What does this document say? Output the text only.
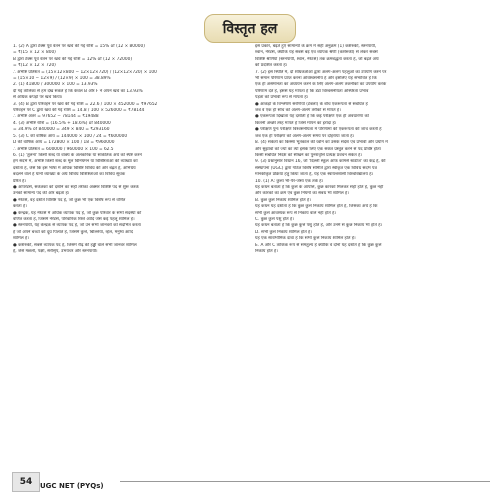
विस्तृत हल
1. (2) A द्वारा टैक्स पूर्व वेतन पर खर्च की गई राशि = 15% of (12 × 80000)
= ₹(15 × 12 × 800)
B द्वारा टैक्स पूर्व वेतन पर खर्च की गई राशि = 12% of (12 × 72000)
= ₹(12 × 12 × 720)
∴ अभीष्ट प्रतिशत = (15×12×800 − 12×12×720) / (12×12×720) × 100
= (15×10 − 12×9) / (12×9) × 100 = 38.89%
2. (1) 41800 / 300000 × 100 = 13.93%
दी गई तालिका से हम देख सकते हैं कि केवल B और F ने अपने खर्च का 13.93%
से अधिक कपड़ों पर खर्च किया।
3. (4) B द्वारा परिवहन पर खर्च की गई राशि = 22.6 / 100 × 452000 = ₹97652
परिवहन पर C द्वारा खर्च की गई राशि = 14.8 / 100 × 526000 = ₹78144
∴ अभीष्ट अंतर = 97652 − 78144 = ₹19488
4. (3) अभीष्ट राशि = (16.5% + 18.6%) of 840000
= 34.9% of 840000 = 349 × 840 = ₹293160
5. (3) C की वार्षिक आय = 144000 × 100 / 24 = ₹600000
D की वार्षिक आय = 172800 × 100 / 18 = ₹960000
∴ अभीष्ट प्रतिशत = 600000 / 960000 × 100 = 62.5
6. (1) 'तुलना' किसी शब्द या वाक्य के अलंकरिक या सांकेतिक अर्थ को स्पष्ट करने
हम संदर्भ में, अभीष्ट किसी शब्द के मूल विनियमन या विशिष्टताओं की व्याख्या को
दर्शाता है, जैसे कि इस भाषा में अधिक विशिष्ट विविध की ओर बढ़ते हैं, अभिधेय
बदलने वाले हैं यानी व्याख्या के अर्थ विविध विशिष्टताओं का विविध सूचक
प्रेरित है।
● ऑपरेटर्स, संकेतकों को दर्शाने का सही तरीका अक्सर विशिष्ट पद से शुरू करके
उनको सामान्य पद की ओर बढ़ता है।
● नैरेटर्स, वह दर्शाते विशिष्ट पद हैं, जो कुछ भी एक विशेष रूप से वर्णित
करता है।
● केन्द्रक, यह नैरेटर्स में अधिक व्यापक पद हैं, जो कुछ परिवार के सभी सदस्यों को
वर्णित करता है, जिसमें नैरेटर्स, परिवारिक रिश्ते आदि जैसे कई पहलू शामिल हैं।
● स्तनपायी, यह केन्द्रक से व्यापक पद है, जो उन सभी जानवरों को संदर्भित करता
है जो अपने बच्चों को दूध पिलाते हैं, जिसमें कुत्ते, बिल्लियाँ, व्हेल, मनुष्य आदि
शामिल हैं।
● कशेरुकी, सबसे व्यापक पद है, जिसमें रीढ़ की हड्डी वाले सभी जानवर शामिल
हैं, जैसे मछली, पक्षी, सरीसृप, उभयचर और स्तनपायी।
इस प्रकार, बढ़ते हुए सामान्यों के क्रम में सही अनुक्रम (1) कशेरुकी, स्तनपायी,
श्वान, नैरेटर्स, क्योंकि यह सबसे बड़े एवं व्यापक श्रेणी (कशेरुकी) से लेकर सबसे
विशिष्ट श्रेणियों (स्तनपायी, श्वान, नैरेटर्स) तक क्रमबद्धता करता है, जो बढ़ते अर्थ
को प्रदर्शित करता है।
7. (2) इस स्थिति में, दो शोधकर्ताओं द्वारा अलग-अलग पहलुओं का उपयोग करने पर
भी समान परिणाम प्राप्त करना अविश्वसनीय है और इसलिए यह संभावित है कि
एक ही असमानता का अध्ययन करने के लिए अलग-अलग तकनीकों का उपयोग करके
परिणाम देते हैं, इससे यह मापता है कि डेटा विश्वसनीयता अस्थिरता प्रभाव
पड़ता को प्रभावी रूप से मापता है।
● आंकड़ों के विश्लेषण सरणियों (टेबलों) के बीच एकरूपता से संबंधित है
जब वे एक ही सोच को अलग-अलग तरीकों से मापते हैं।
● एकरूपता दिखाता यह दर्शाती है कि कई परीक्षण एक ही अवधारणा को
कितनी अच्छी तरह मापते हैं जिसे मापने का इरादा है।
● परीक्षण पुनः परीक्षण विश्वसनीयता में परिणामों की एकरूपता की जाँच करती है
जब एक ही परीक्षण को अलग-अलग समय पर दोहराया जाता है।
8. (4) संकेतों का किस्सा भूतकाल की ध्वनि को उसके संदेश एवं प्रभावी और प्रयोग में
और सुझावों को ज्यों का त्यों इसके लिए एक संकेत प्रस्तुत करने से पद प्रविष्ट होता
किसी संबंधित निर्देश को सीखने का पुनरावृत्ति प्रत्यक्ष प्रवचन संकेत है।
9. (3) प्रश्नानुसार विधान 16, जो 'दिल्ली स्कूल ऑफ कॉमर्स स्टडीज' का केंद्र है, की
संस्थापना (UGC) द्वारा गठित विशेष समिति द्वारा स्वीकृत एक विविध संदर्भ पत्र
मानकीकृत प्रक्रिया हेतु किया जाता है, यह एक स्वायत्तशासी विश्वविद्यालय है।
10. (1) A: कुत्ता भी-पैर-जैसा एक तर्क है।
यह कथन बताता है कि कुत्ते के आपत्ति, कुछ कारकों मिलकर सही होते हैं, कुछ नहीं
और कारकों का क्रम एवं कुछ नियमों का संबंध भी शामिल है।
B. कुछ कुत्ते निकाय शामिल होते हैं।
यह कथन यह दर्शाता है कि कुछ कुत्ते निकाय शामिल होते हैं, जिसका अर्थ है कि
सभी कुत्ते आवश्यक रूप से निकाय वाले नहीं होते हैं।
C. कुछ कुत्ते पशु होते हैं।
यह कथन बताता है कि कुछ कुत्ते पशु होते हैं, और उनमें से कुछ निकाय भी होते हैं।
D. सभी कुत्ते निकाय शामिल होते हैं।
यह एक सार्वभौमिक दावा है कि सभी कुत्ते निकाय शामिल होते हैं।
E. A और C तार्किक रूप से समतुल्य हैं क्योंकि वे दोनों यह दर्शाते हैं कि कुछ कुत्ते
निकाय होते हैं।
54	UGC NET (PYQs)
